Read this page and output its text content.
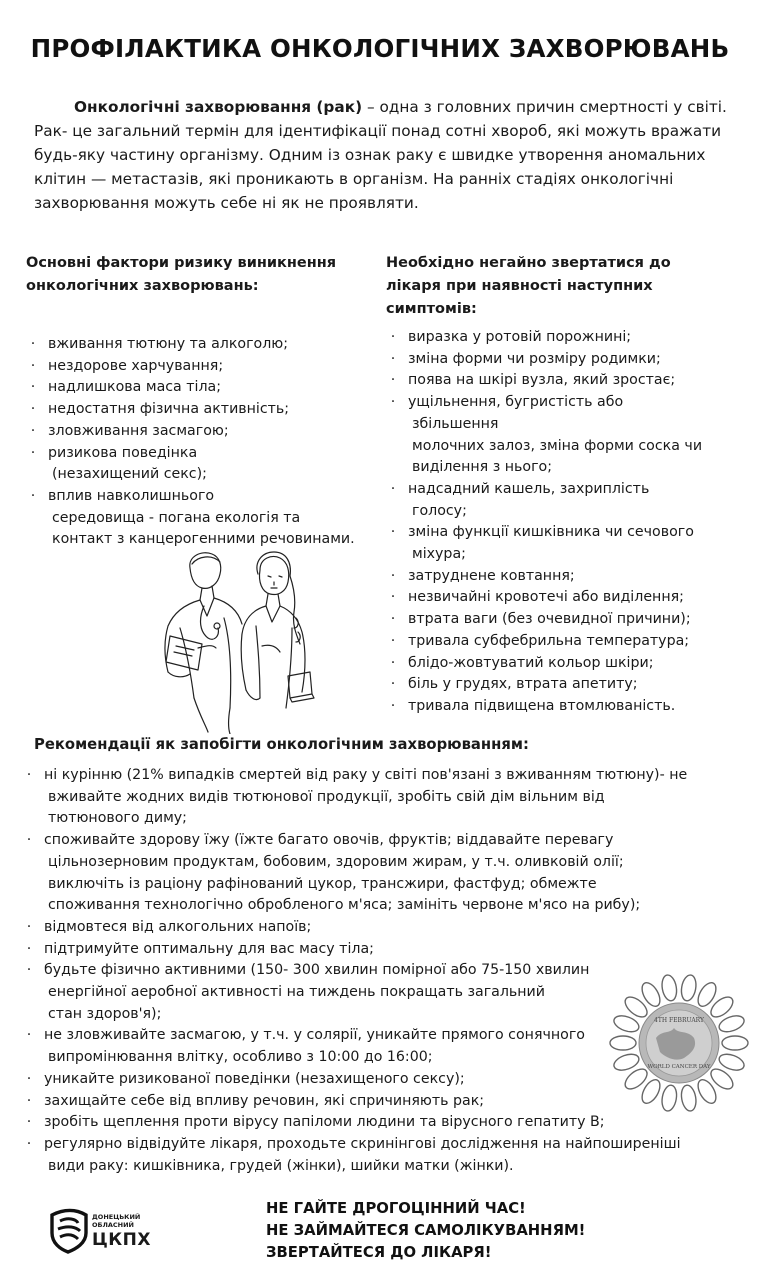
ПРОФІЛАКТИКА ОНКОЛОГІЧНИХ ЗАХВОРЮВАНЬ

Онкологічні захворювання (рак) – одна з головних причин смертності у світі. Рак- це загальний термін для ідентифікації понад сотні хвороб, які можуть вражати будь-яку частину організму. Одним із ознак раку є швидке утворення аномальних клітин — метастазів, які проникають в організм. На ранніх стадіях онкологічні захворювання можуть себе ні як не проявляти.

Основні фактори ризику виникнення онкологічних захворювань:
· вживання тютюну та алкоголю;
· нездорове харчування;
· надлишкова маса тіла;
· недостатня фізична активність;
· зловживання засмагою;
· ризикова поведінка
(незахищений секс);
· вплив навколишнього
середовища - погана екологія та
контакт з канцерогенними речовинами.
Необхідно негайно звертатися до лікаря при наявності наступних симптомів:
· виразка у ротовій порожнині;
· зміна форми чи розміру родимки;
· поява на шкірі вузла, який зростає;
· ущільнення, бугристість або
збільшення
молочних залоз, зміна форми соска чи
виділення з нього;
· надсадний кашель, захриплість
голосу;
· зміна функції кишківника чи сечового
міхура;
· затруднене ковтання;
· незвичайні кровотечі або виділення;
· втрата ваги (без очевидної причини);
· тривала субфебрильна температура;
· блідо-жовтуватий кольор шкіри;
· біль у грудях, втрата апетиту;
· тривала підвищена втомлюваність.
Рекомендації як запобігти онкологічним захворюванням:
· ні курінню (21% випадків смертей від раку у світі пов'язані з вживанням тютюну)- не
вживайте жодних видів тютюнової продукції, зробіть свій дім вільним від
тютюнового диму;
· споживайте здорову їжу (їжте багато овочів, фруктів; віддавайте перевагу
цільнозерновим продуктам, бобовим, здоровим жирам, у т.ч. оливковій олії;
виключіть із раціону рафінований цукор, трансжири, фастфуд; обмежте
споживання технологічно обробленого м'яса; замініть червоне м'ясо на рибу);
· відмовтеся від алкогольних напоїв;
· підтримуйте оптимальну для вас масу тіла;
· будьте фізично активними (150- 300 хвилин помірної або 75-150 хвилин
енергійної аеробної активності на тиждень покращать загальний
стан здоров'я);
· не зловживайте засмагою, у т.ч. у солярії, уникайте прямого сонячного
випромінювання влітку, особливо з 10:00 до 16:00;
· уникайте ризикованої поведінки (незахищеного сексу);
· захищайте себе від впливу речовин, які спричиняють рак;
· зробіть щеплення проти вірусу папіломи людини та вірусного гепатиту В;
· регулярно відвідуйте лікаря, проходьте скринінгові дослідження на найпоширеніші
види раку: кишківника, грудей (жінки), шийки матки (жінки).
4TH FEBRUARY
WORLD CANCER DAY
ДОНЕЦЬКИЙ ОБЛАСНИЙ
ЦКПХ
НЕ ГАЙТЕ ДРОГОЦІННИЙ ЧАС!
НЕ ЗАЙМАЙТЕСЯ САМОЛІКУВАННЯМ!
ЗВЕРТАЙТЕСЯ ДО ЛІКАРЯ!
